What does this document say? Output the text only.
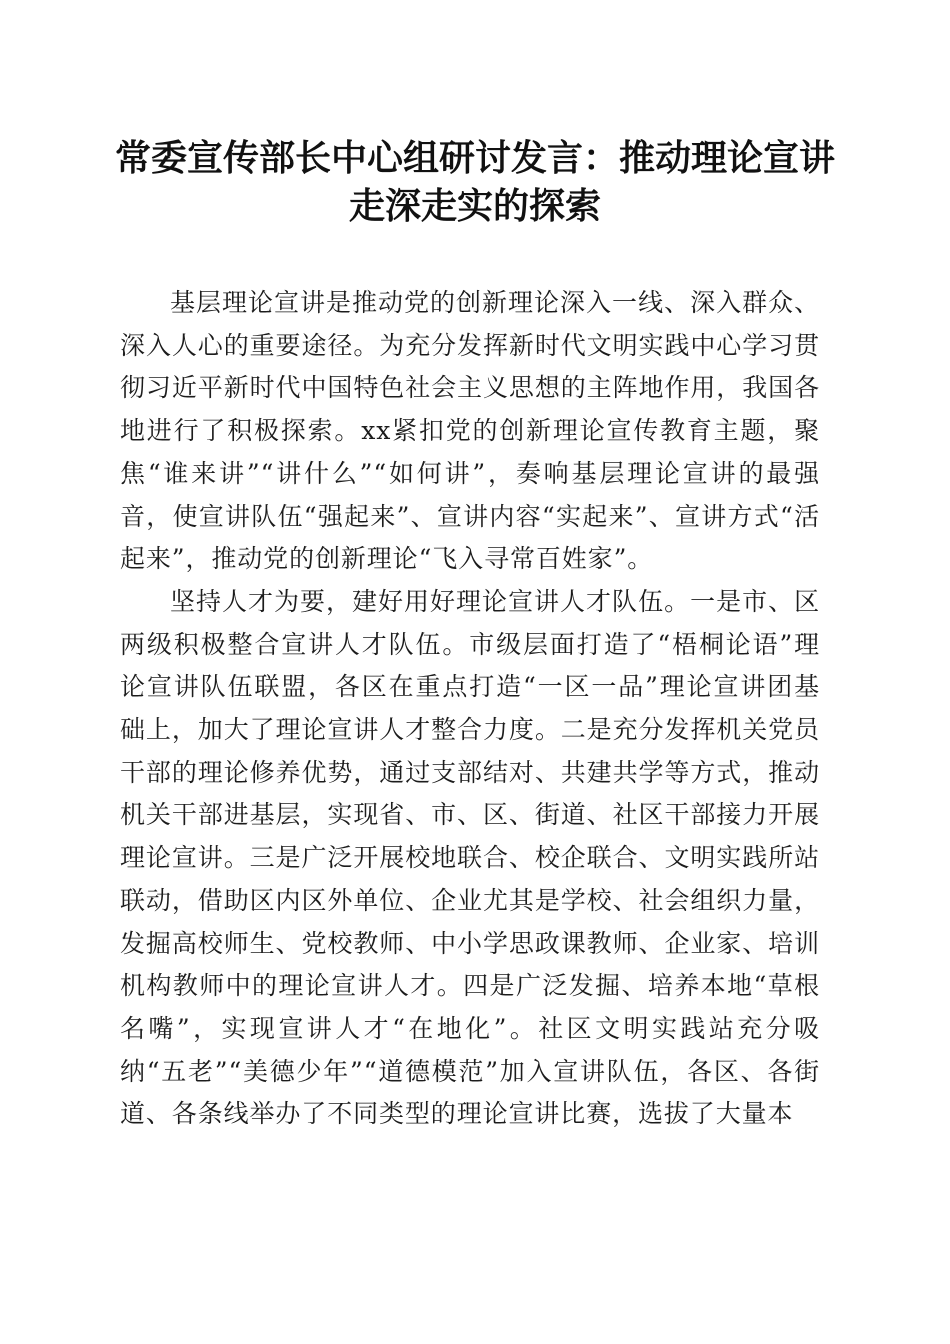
常委宣传部长中心组研讨发言：推动理论宣讲
走深走实的探索

基层理论宣讲是推动党的创新理论深入一线、深入群众、深入人心的重要途径。为充分发挥新时代文明实践中心学习贯彻习近平新时代中国特色社会主义思想的主阵地作用，我国各地进行了积极探索。xx紧扣党的创新理论宣传教育主题，聚焦“谁来讲”“讲什么”“如何讲”，奏响基层理论宣讲的最强音，使宣讲队伍“强起来”、宣讲内容“实起来”、宣讲方式“活起来”，推动党的创新理论“飞入寻常百姓家”。

坚持人才为要，建好用好理论宣讲人才队伍。一是市、区两级积极整合宣讲人才队伍。市级层面打造了“梧桐论语”理论宣讲队伍联盟，各区在重点打造“一区一品”理论宣讲团基础上，加大了理论宣讲人才整合力度。二是充分发挥机关党员干部的理论修养优势，通过支部结对、共建共学等方式，推动机关干部进基层，实现省、市、区、街道、社区干部接力开展理论宣讲。三是广泛开展校地联合、校企联合、文明实践所站联动，借助区内区外单位、企业尤其是学校、社会组织力量，发掘高校师生、党校教师、中小学思政课教师、企业家、培训机构教师中的理论宣讲人才。四是广泛发掘、培养本地“草根名嘴”，实现宣讲人才“在地化”。社区文明实践站充分吸纳“五老”“美德少年”“道德模范”加入宣讲队伍，各区、各街道、各条线举办了不同类型的理论宣讲比赛，选拔了大量本
